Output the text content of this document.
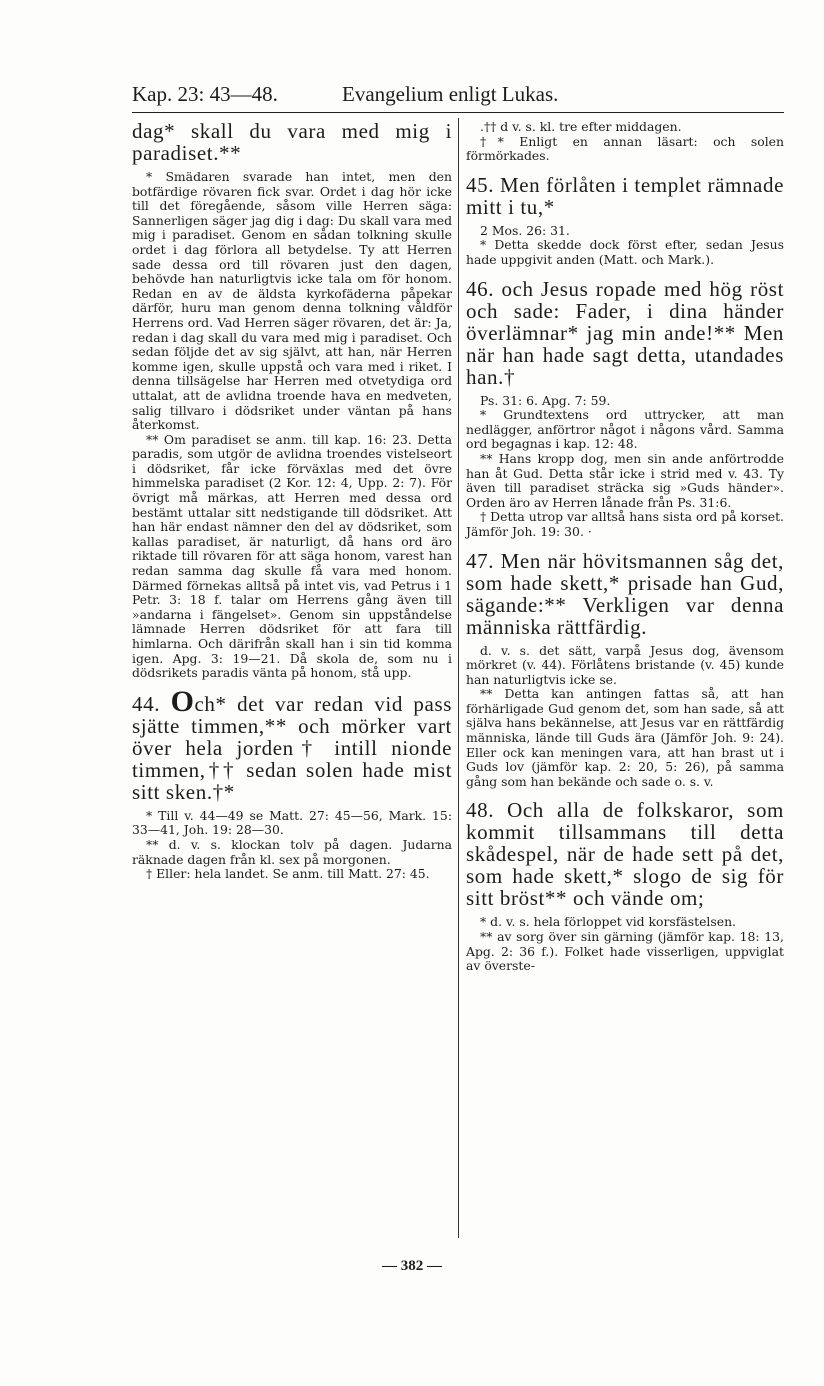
Kap. 23: 43—48.	Evangelium enligt Lukas.

dag* skall du vara med mig i paradiset.**

* Smädaren svarade han intet, men den botfärdige rövaren fick svar. Ordet i dag hör icke till det föregående, såsom ville Herren säga: Sannerligen säger jag dig i dag: Du skall vara med mig i paradiset. Genom en sådan tolkning skulle ordet i dag förlora all betydelse. Ty att Herren sade dessa ord till rövaren just den dagen, behövde han naturligtvis icke tala om för honom. Redan en av de äldsta kyrkofäderna påpekar därför, huru man genom denna tolkning våldför Herrens ord. Vad Herren säger rövaren, det är: Ja, redan i dag skall du vara med mig i paradiset. Och sedan följde det av sig självt, att han, när Herren komme igen, skulle uppstå och vara med i riket. I denna tillsägelse har Herren med otvetydiga ord uttalat, att de avlidna troende hava en medveten, salig tillvaro i dödsriket under väntan på hans återkomst.

** Om paradiset se anm. till kap. 16: 23. Detta paradis, som utgör de avlidna troendes vistelseort i dödsriket, får icke förväxlas med det övre himmelska paradiset (2 Kor. 12: 4, Upp. 2: 7). För övrigt må märkas, att Herren med dessa ord bestämt uttalar sitt nedstigande till dödsriket. Att han här endast nämner den del av dödsriket, som kallas paradiset, är naturligt, då hans ord äro riktade till rövaren för att säga honom, varest han redan samma dag skulle få vara med honom. Därmed förnekas alltså på intet vis, vad Petrus i 1 Petr. 3: 18 f. talar om Herrens gång även till »andarna i fängelset». Genom sin uppståndelse lämnade Herren dödsriket för att fara till himlarna. Och därifrån skall han i sin tid komma igen. Apg. 3: 19—21. Då skola de, som nu i dödsrikets paradis vänta på honom, stå upp.

44. Och* det var redan vid pass sjätte timmen,** och mörker vart över hela jorden† intill nionde timmen,†† sedan solen hade mist sitt sken.†*

* Till v. 44—49 se Matt. 27: 45—56, Mark. 15: 33—41, Joh. 19: 28—30.

** d. v. s. klockan tolv på dagen. Judarna räknade dagen från kl. sex på morgonen.

† Eller: hela landet. Se anm. till Matt. 27: 45.

.†† d v. s. kl. tre efter middagen.

†* Enligt en annan läsart: och solen förmörkades.

45. Men förlåten i templet rämnade mitt i tu,*

2 Mos. 26: 31.

* Detta skedde dock först efter, sedan Jesus hade uppgivit anden (Matt. och Mark.).

46. och Jesus ropade med hög röst och sade: Fader, i dina händer överlämnar* jag min ande!** Men när han hade sagt detta, utandades han.†

Ps. 31: 6. Apg. 7: 59.

* Grundtextens ord uttrycker, att man nedlägger, anförtror något i någons vård. Samma ord begagnas i kap. 12: 48.

** Hans kropp dog, men sin ande anförtrodde han åt Gud. Detta står icke i strid med v. 43. Ty även till paradiset sträcka sig »Guds händer». Orden äro av Herren lånade från Ps. 31:6.

† Detta utrop var alltså hans sista ord på korset. Jämför Joh. 19: 30. ·

47. Men när hövitsmannen såg det, som hade skett,* prisade han Gud, sägande:** Verkligen var denna människa rättfärdig.

d. v. s. det sätt, varpå Jesus dog, ävensom mörkret (v. 44). Förlåtens bristande (v. 45) kunde han naturligtvis icke se.

** Detta kan antingen fattas så, att han förhärligade Gud genom det, som han sade, så att själva hans bekännelse, att Jesus var en rättfärdig människa, lände till Guds ära (Jämför Joh. 9: 24). Eller ock kan meningen vara, att han brast ut i Guds lov (jämför kap. 2: 20, 5: 26), på samma gång som han bekände och sade o. s. v.

48. Och alla de folkskaror, som kommit tillsammans till detta skådespel, när de hade sett på det, som hade skett,* slogo de sig för sitt bröst** och vände om;

* d. v. s. hela förloppet vid korsfästelsen.

** av sorg över sin gärning (jämför kap. 18: 13, Apg. 2: 36 f.). Folket hade visserligen, uppviglat av överste-

— 382 —
